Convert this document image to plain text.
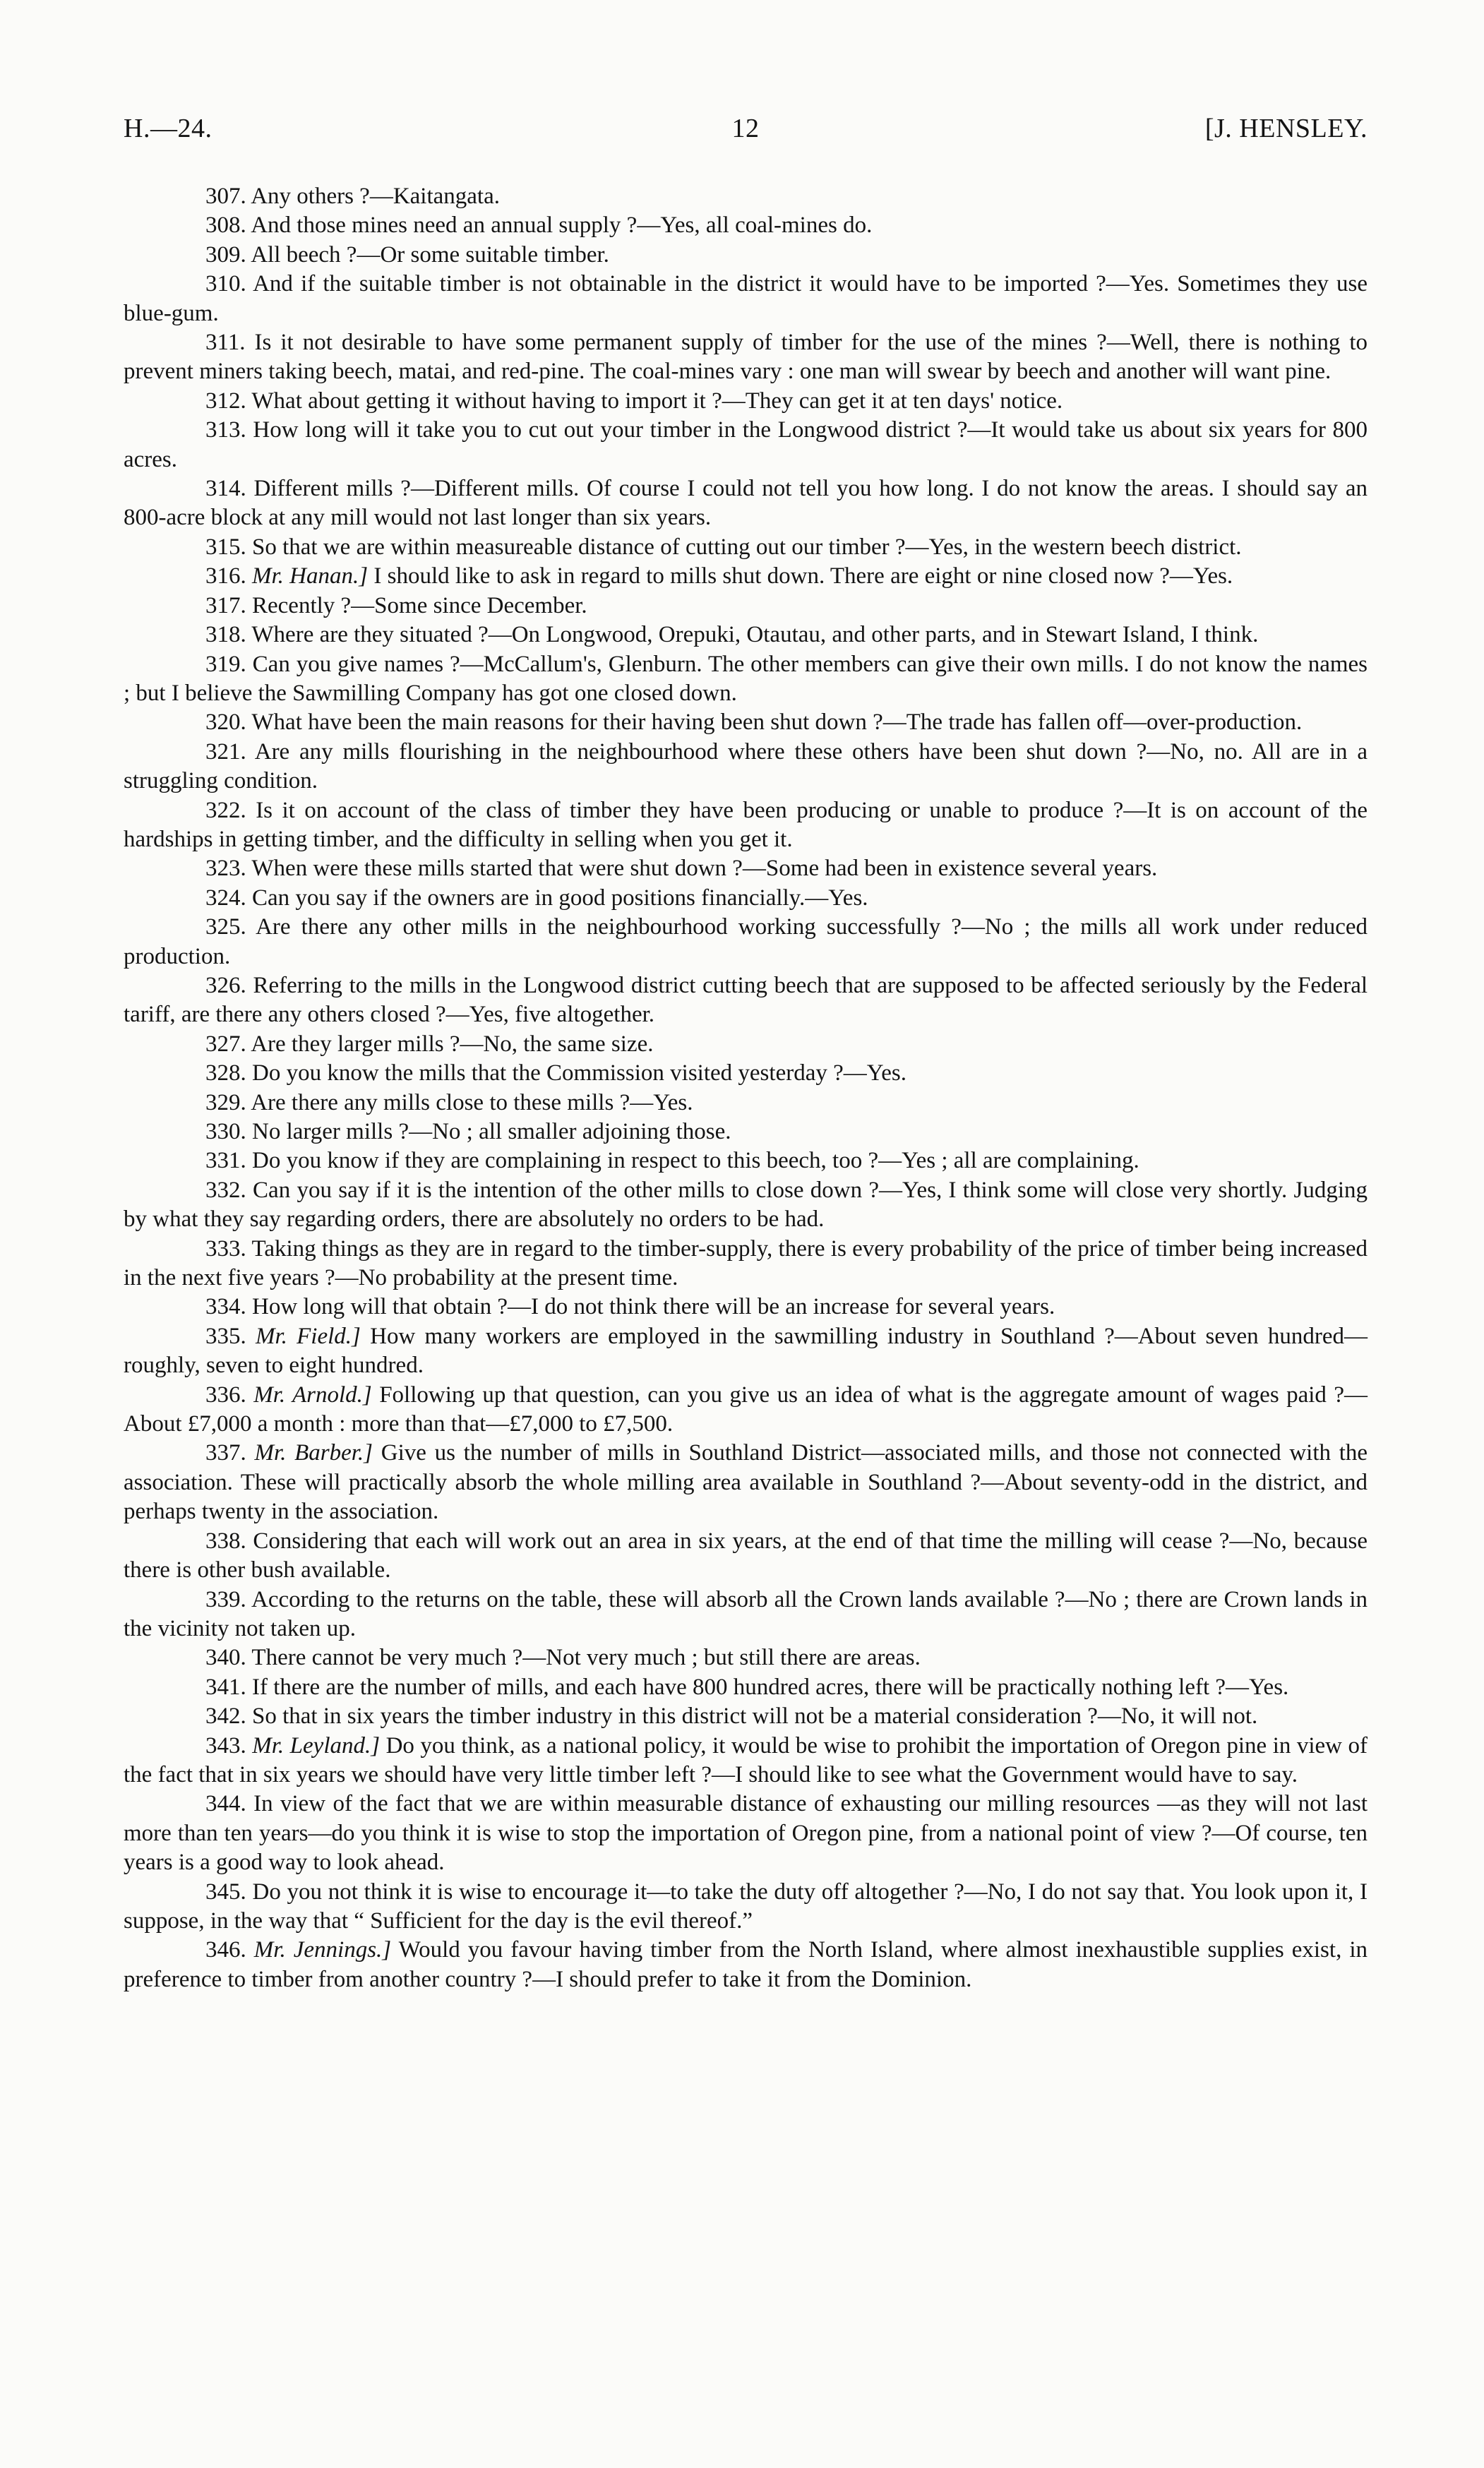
H.—24.	12	[J. HENSLEY.

307. Any others ?—Kaitangata.

308. And those mines need an annual supply ?—Yes, all coal-mines do.

309. All beech ?—Or some suitable timber.

310. And if the suitable timber is not obtainable in the district it would have to be imported ?—Yes. Sometimes they use blue-gum.

311. Is it not desirable to have some permanent supply of timber for the use of the mines ?—Well, there is nothing to prevent miners taking beech, matai, and red-pine. The coal-mines vary : one man will swear by beech and another will want pine.

312. What about getting it without having to import it ?—They can get it at ten days' notice.

313. How long will it take you to cut out your timber in the Longwood district ?—It would take us about six years for 800 acres.

314. Different mills ?—Different mills. Of course I could not tell you how long. I do not know the areas. I should say an 800-acre block at any mill would not last longer than six years.

315. So that we are within measureable distance of cutting out our timber ?—Yes, in the western beech district.

316. Mr. Hanan.] I should like to ask in regard to mills shut down. There are eight or nine closed now ?—Yes.

317. Recently ?—Some since December.

318. Where are they situated ?—On Longwood, Orepuki, Otautau, and other parts, and in Stewart Island, I think.

319. Can you give names ?—McCallum's, Glenburn. The other members can give their own mills. I do not know the names ; but I believe the Sawmilling Company has got one closed down.

320. What have been the main reasons for their having been shut down ?—The trade has fallen off—over-production.

321. Are any mills flourishing in the neighbourhood where these others have been shut down ?—No, no. All are in a struggling condition.

322. Is it on account of the class of timber they have been producing or unable to produce ?—It is on account of the hardships in getting timber, and the difficulty in selling when you get it.

323. When were these mills started that were shut down ?—Some had been in existence several years.

324. Can you say if the owners are in good positions financially.—Yes.

325. Are there any other mills in the neighbourhood working successfully ?—No ; the mills all work under reduced production.

326. Referring to the mills in the Longwood district cutting beech that are supposed to be affected seriously by the Federal tariff, are there any others closed ?—Yes, five altogether.

327. Are they larger mills ?—No, the same size.

328. Do you know the mills that the Commission visited yesterday ?—Yes.

329. Are there any mills close to these mills ?—Yes.

330. No larger mills ?—No ; all smaller adjoining those.

331. Do you know if they are complaining in respect to this beech, too ?—Yes ; all are complaining.

332. Can you say if it is the intention of the other mills to close down ?—Yes, I think some will close very shortly. Judging by what they say regarding orders, there are absolutely no orders to be had.

333. Taking things as they are in regard to the timber-supply, there is every probability of the price of timber being increased in the next five years ?—No probability at the present time.

334. How long will that obtain ?—I do not think there will be an increase for several years.

335. Mr. Field.] How many workers are employed in the sawmilling industry in Southland ?—About seven hundred—roughly, seven to eight hundred.

336. Mr. Arnold.] Following up that question, can you give us an idea of what is the aggregate amount of wages paid ?—About £7,000 a month : more than that—£7,000 to £7,500.

337. Mr. Barber.] Give us the number of mills in Southland District—associated mills, and those not connected with the association. These will practically absorb the whole milling area available in Southland ?—About seventy-odd in the district, and perhaps twenty in the association.

338. Considering that each will work out an area in six years, at the end of that time the milling will cease ?—No, because there is other bush available.

339. According to the returns on the table, these will absorb all the Crown lands available ?—No ; there are Crown lands in the vicinity not taken up.

340. There cannot be very much ?—Not very much ; but still there are areas.

341. If there are the number of mills, and each have 800 hundred acres, there will be practically nothing left ?—Yes.

342. So that in six years the timber industry in this district will not be a material consideration ?—No, it will not.

343. Mr. Leyland.] Do you think, as a national policy, it would be wise to prohibit the importation of Oregon pine in view of the fact that in six years we should have very little timber left ?—I should like to see what the Government would have to say.

344. In view of the fact that we are within measurable distance of exhausting our milling resources —as they will not last more than ten years—do you think it is wise to stop the importation of Oregon pine, from a national point of view ?—Of course, ten years is a good way to look ahead.

345. Do you not think it is wise to encourage it—to take the duty off altogether ?—No, I do not say that. You look upon it, I suppose, in the way that “ Sufficient for the day is the evil thereof.”

346. Mr. Jennings.] Would you favour having timber from the North Island, where almost inexhaustible supplies exist, in preference to timber from another country ?—I should prefer to take it from the Dominion.
